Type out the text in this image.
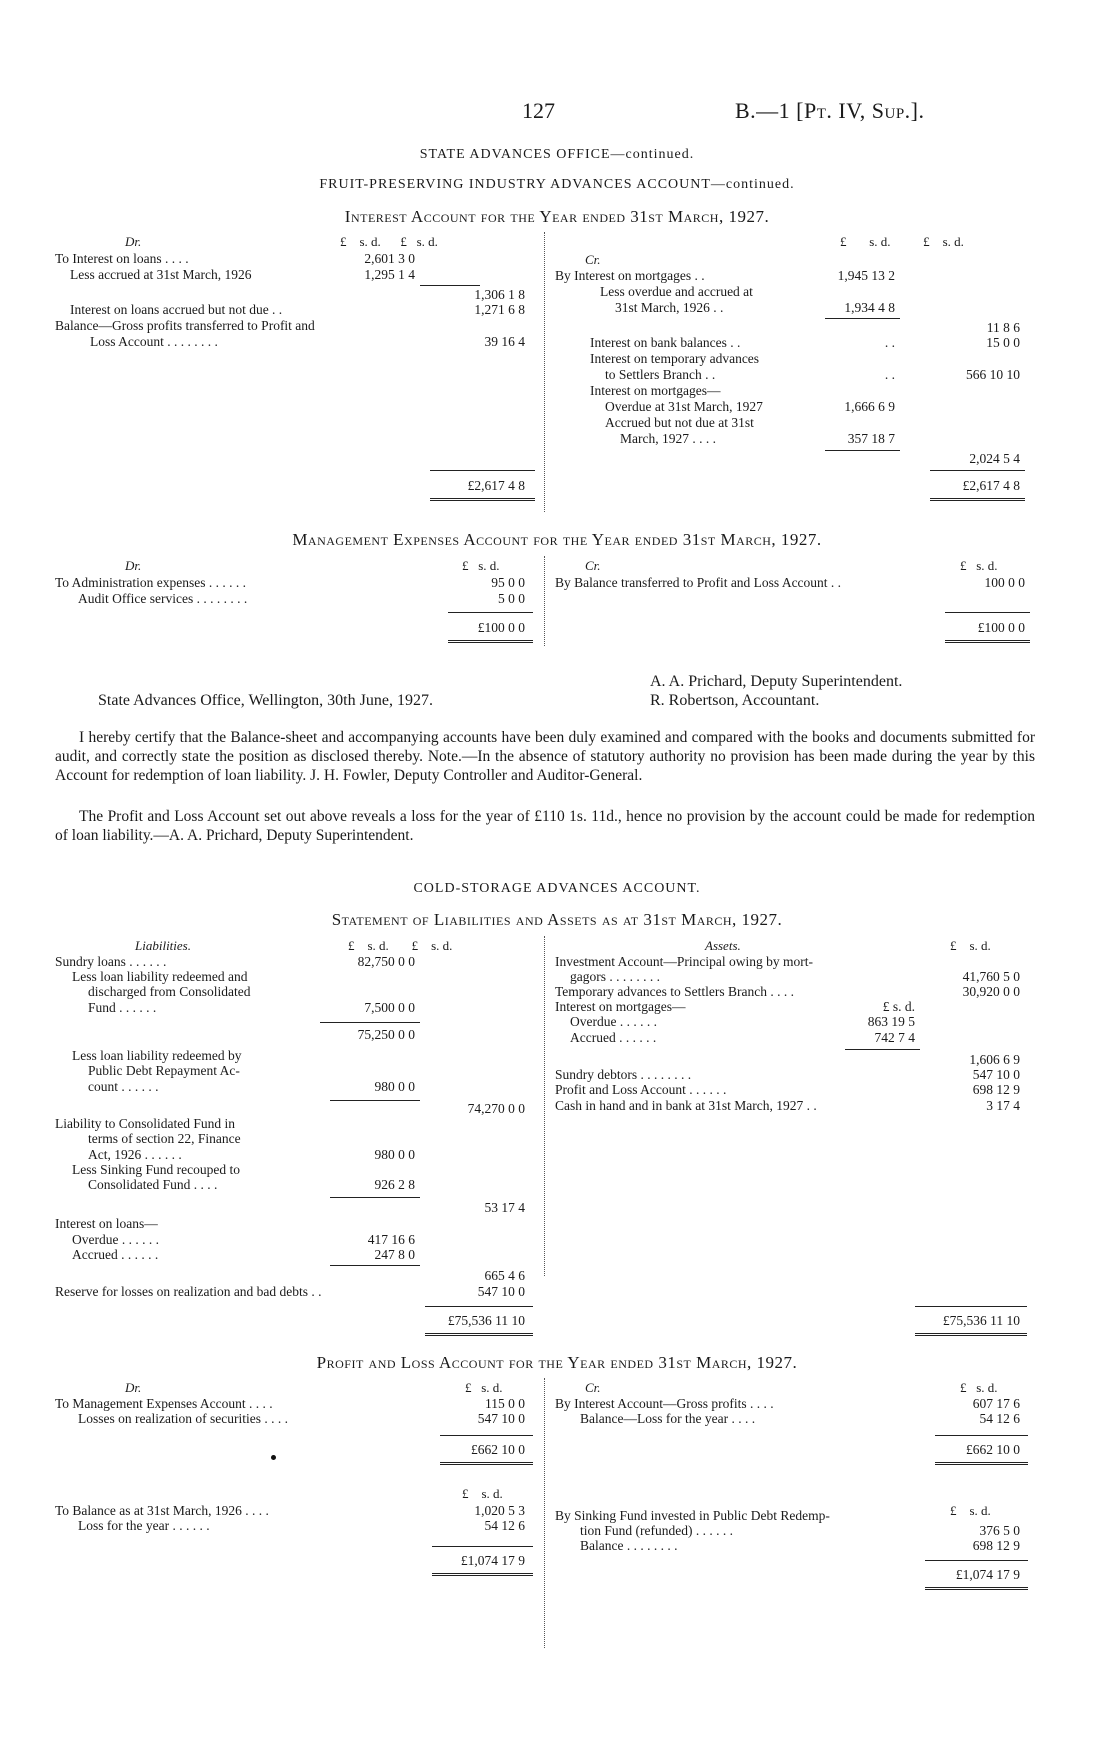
127	B.—1 [Pt. IV, Sup.].
STATE ADVANCES OFFICE—continued.
FRUIT-PRESERVING INDUSTRY ADVANCES ACCOUNT—continued.
Interest Account for the Year ended 31st March, 1927.
Dr.	£ s. d. £ s. d.
Cr.
£ s. d.	£ s. d.
To Interest on loans . . . .	2,601 3 0
Less accrued at 31st March, 1926	1,295 1 4
1,306 1 8
Interest on loans accrued but not due . .	1,271 6 8
Balance—Gross profits transferred to Profit and
Loss Account . . . . . . . .	39 16 4
£2,617 4 8
By Interest on mortgages . .	1,945 13 2
Less overdue and accrued at
31st March, 1926 . .	1,934 4 8
11 8 6
Interest on bank balances . .	. .	15 0 0
Interest on temporary advances
to Settlers Branch . .	. .	566 10 10
Interest on mortgages—
Overdue at 31st March, 1927	1,666 6 9
Accrued but not due at 31st
March, 1927 . . . .	357 18 7
2,024 5 4
£2,617 4 8
Management Expenses Account for the Year ended 31st March, 1927.
Dr.	£ s. d.	Cr.	£ s. d.
To Administration expenses . . . . . .	95 0 0
Audit Office services . . . . . . . .	5 0 0
£100 0 0
By Balance transferred to Profit and Loss Account . .	100 0 0
£100 0 0
State Advances Office, Wellington, 30th June, 1927.
A. A. Prichard, Deputy Superintendent.
R. Robertson, Accountant.
I hereby certify that the Balance-sheet and accompanying accounts have been duly examined and compared with the books and documents submitted for audit, and correctly state the position as disclosed thereby. Note.—In the absence of statutory authority no provision has been made during the year by this Account for redemption of loan liability. J. H. Fowler, Deputy Controller and Auditor-General.
The Profit and Loss Account set out above reveals a loss for the year of £110 1s. 11d., hence no provision by the account could be made for redemption of loan liability.—A. A. Prichard, Deputy Superintendent.
COLD-STORAGE ADVANCES ACCOUNT.
Statement of Liabilities and Assets as at 31st March, 1927.
Liabilities.	£ s. d. £ s. d.	Assets.	£ s. d.
Sundry loans . . . . . .	82,750 0 0
Less loan liability redeemed and
discharged from Consolidated
Fund . . . . . .	7,500 0 0
75,250 0 0
Less loan liability redeemed by
Public Debt Repayment Ac-
count . . . . . .	980 0 0
74,270 0 0
Liability to Consolidated Fund in
terms of section 22, Finance
Act, 1926 . . . . . .	980 0 0
Less Sinking Fund recouped to
Consolidated Fund . . . .	926 2 8
53 17 4
Interest on loans—
Overdue . . . . . .	417 16 6
Accrued . . . . . .	247 8 0
665 4 6
Reserve for losses on realization and bad debts . .	547 10 0
£75,536 11 10
Investment Account—Principal owing by mort-
gagors . . . . . . . .	41,760 5 0
Temporary advances to Settlers Branch . . . .	30,920 0 0
Interest on mortgages—	£ s. d.
Overdue . . . . . .	863 19 5
Accrued . . . . . .	742 7 4
1,606 6 9
Sundry debtors . . . . . . . .	547 10 0
Profit and Loss Account . . . . . .	698 12 9
Cash in hand and in bank at 31st March, 1927 . .	3 17 4
£75,536 11 10
Profit and Loss Account for the Year ended 31st March, 1927.
Dr.	£ s. d.	Cr.	£ s. d.
To Management Expenses Account . . . .	115 0 0
Losses on realization of securities . . . .	547 10 0
£662 10 0
By Interest Account—Gross profits . . . .	607 17 6
Balance—Loss for the year . . . .	54 12 6
£662 10 0
£ s. d.
£ s. d.
To Balance as at 31st March, 1926 . . . .	1,020 5 3
Loss for the year . . . . . .	54 12 6
£1,074 17 9
By Sinking Fund invested in Public Debt Redemp-
tion Fund (refunded) . . . . . .	376 5 0
Balance . . . . . . . .	698 12 9
£1,074 17 9
